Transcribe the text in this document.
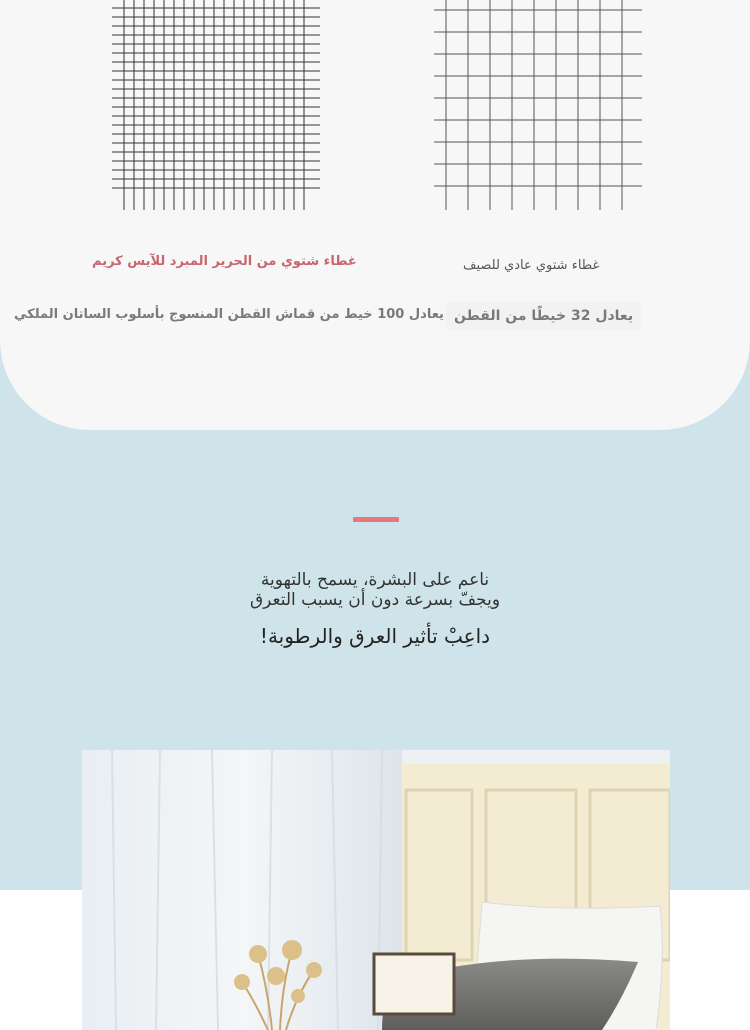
غطاء شتوي من الحرير المبرد للآيس كريم	غطاء شتوي عادي للصيف
يعادل 100 خيط من قماش القطن المنسوج بأسلوب الساتان الملكي يعادل 32 خيطًا من القطن
ناعم على البشرة، يسمح بالتهوية
ويجفّ بسرعة دون أن يسبب التعرق
داعِبْ تأثير العرق والرطوبة!
